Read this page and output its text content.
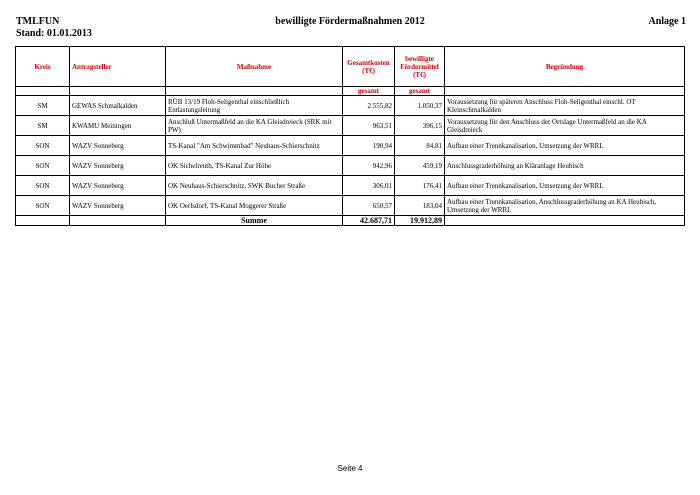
TMLFUN
Stand: 01.01.2013
bewilligte Fördermaßnahmen 2012	Anlage 1
Kreis	Antragsteller	Maßnahme	Gesamtkosten (T€)	bewilligte Fördermittel (T€)	Begründung
			gesamt	gesamt	
SM	GEWAS Schmalkalden	RÜB 13/19 Floh-Seligenthal einschließlich Entlastungsleitung	2.555,82	1.050,37	Voraussetzung für späteren Anschluss Floh-Seligenthal einschl. OT Kleinschmalkalden
SM	KWAMU Meiningen	Anschluß Untermaßfeld an die KA Gleisdreieck (SRK mit PW)	963,51	396,15	Voraussetzung für den Anschluss der Ortslage Untermaßfeld an die KA Gleisdreieck
SON	WAZV Sonneberg	TS-Kanal "Am Schwimmbad" Neuhaus-Schierschnitz	190,94	84,81	Aufbau einer Trennkanalisation, Umsetzung der WRRL
SON	WAZV Sonneberg	OK Sichelreuth, TS-Kanal Zur Höhe	942,96	459,19	Anschlussgraderhöhung an Kläranlage Heubisch
SON	WAZV Sonneberg	OK Neuhaus-Schierschnitz, SWK Bucher Straße	306,01	176,41	Aufbau einer Trennkanalisation, Umsetzung der WRRL
SON	WAZV Sonneberg	OK Oerlsdorf, TS-Kanal Moggerer Straße	650,57	183,04	Aufbau einer Trennkanalisation, Anschlussgraderhöhung an KA Heubisch, Umsetzung der WRRL
		Summe	42.687,71	19.912,89	
Seite 4
